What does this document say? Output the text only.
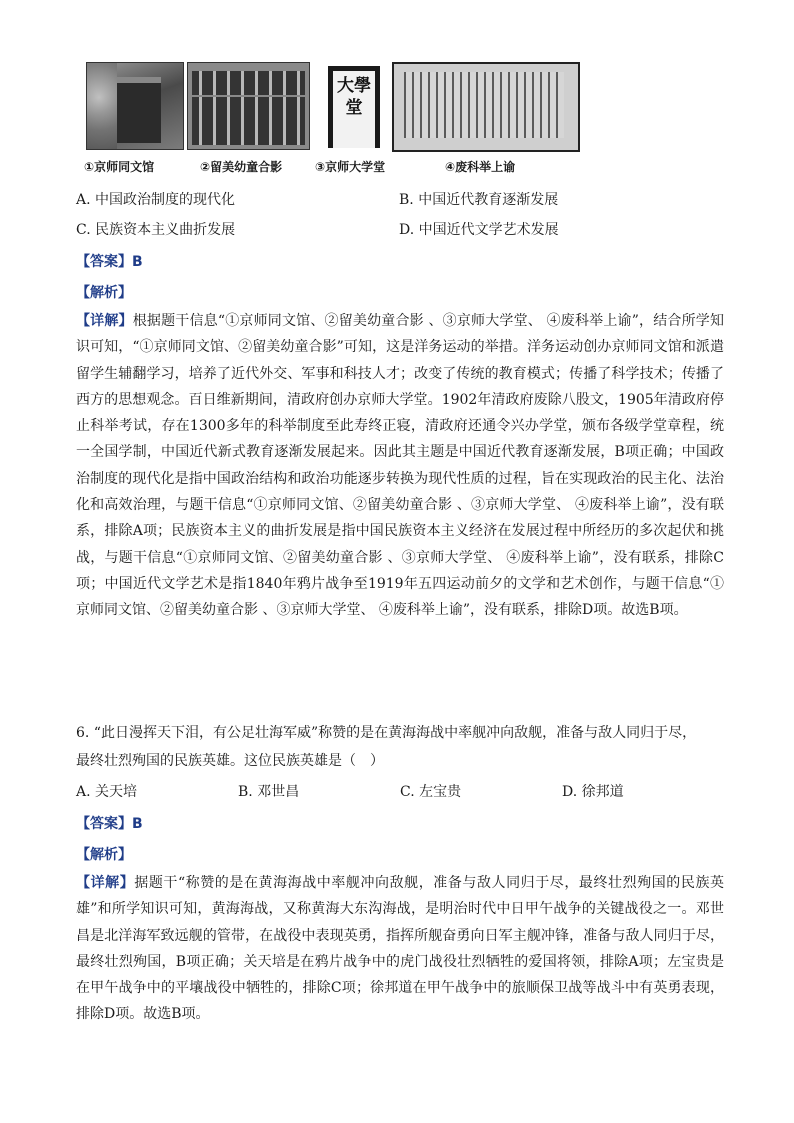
大學堂
①京师同文馆	②留美幼童合影	③京师大学堂	④废科举上谕
A. 中国政治制度的现代化	B. 中国近代教育逐渐发展
C. 民族资本主义曲折发展	D. 中国近代文学艺术发展
【答案】B
【解析】
【详解】根据题干信息“①京师同文馆、②留美幼童合影 、③京师大学堂、 ④废科举上谕”，结合所学知识可知，“①京师同文馆、②留美幼童合影”可知，这是洋务运动的举措。洋务运动创办京师同文馆和派遣留学生辅翻学习，培养了近代外交、军事和科技人才；改变了传统的教育模式；传播了科学技术；传播了西方的思想观念。百日维新期间，清政府创办京师大学堂。1902年清政府废除八股文，1905年清政府停止科举考试，存在1300多年的科举制度至此寿终正寝，清政府还通令兴办学堂，颁布各级学堂章程，统一全国学制，中国近代新式教育逐渐发展起来。因此其主题是中国近代教育逐渐发展，B项正确；中国政治制度的现代化是指中国政治结构和政治功能逐步转换为现代性质的过程，旨在实现政治的民主化、法治化和高效治理，与题干信息“①京师同文馆、②留美幼童合影 、③京师大学堂、 ④废科举上谕”，没有联系，排除A项；民族资本主义的曲折发展是指中国民族资本主义经济在发展过程中所经历的多次起伏和挑战，与题干信息“①京师同文馆、②留美幼童合影 、③京师大学堂、 ④废科举上谕”，没有联系，排除C项；中国近代文学艺术是指1840年鸦片战争至1919年五四运动前夕的文学和艺术创作，与题干信息“①京师同文馆、②留美幼童合影 、③京师大学堂、 ④废科举上谕”，没有联系，排除D项。故选B项。
6. “此日漫挥天下泪，有公足壮海军威”称赞的是在黄海海战中率舰冲向敌舰，准备与敌人同归于尽，
最终壮烈殉国的民族英雄。这位民族英雄是（　）
A. 关天培	B. 邓世昌	C. 左宝贵	D. 徐邦道
【答案】B
【解析】
【详解】据题干“称赞的是在黄海海战中率舰冲向敌舰，准备与敌人同归于尽，最终壮烈殉国的民族英雄”和所学知识可知，黄海海战，又称黄海大东沟海战，是明治时代中日甲午战争的关键战役之一。邓世昌是北洋海军致远舰的管带，在战役中表现英勇，指挥所舰奋勇向日军主舰冲锋，准备与敌人同归于尽，最终壮烈殉国，B项正确；关天培是在鸦片战争中的虎门战役壮烈牺牲的爱国将领，排除A项；左宝贵是在甲午战争中的平壤战役中牺牲的，排除C项；徐邦道在甲午战争中的旅顺保卫战等战斗中有英勇表现，排除D项。故选B项。
